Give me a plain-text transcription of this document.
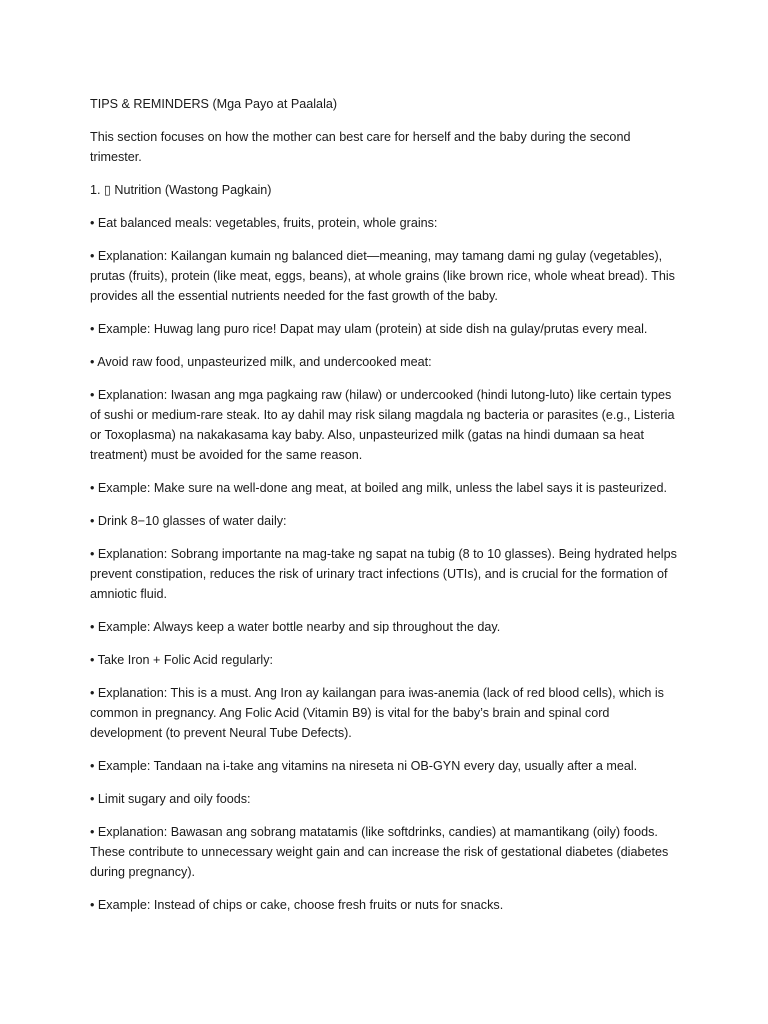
TIPS & REMINDERS (Mga Payo at Paalala)

This section focuses on how the mother can best care for herself and the baby during the second trimester.

1. ▯ Nutrition (Wastong Pagkain)

• Eat balanced meals: vegetables, fruits, protein, whole grains:

• Explanation: Kailangan kumain ng balanced diet—meaning, may tamang dami ng gulay (vegetables), prutas (fruits), protein (like meat, eggs, beans), at whole grains (like brown rice, whole wheat bread). This provides all the essential nutrients needed for the fast growth of the baby.

• Example: Huwag lang puro rice! Dapat may ulam (protein) at side dish na gulay/prutas every meal.

• Avoid raw food, unpasteurized milk, and undercooked meat:

• Explanation: Iwasan ang mga pagkaing raw (hilaw) or undercooked (hindi lutong-luto) like certain types of sushi or medium-rare steak. Ito ay dahil may risk silang magdala ng bacteria or parasites (e.g., Listeria or Toxoplasma) na nakakasama kay baby. Also, unpasteurized milk (gatas na hindi dumaan sa heat treatment) must be avoided for the same reason.

• Example: Make sure na well-done ang meat, at boiled ang milk, unless the label says it is pasteurized.

• Drink 8−10 glasses of water daily:

• Explanation: Sobrang importante na mag-take ng sapat na tubig (8 to 10 glasses). Being hydrated helps prevent constipation, reduces the risk of urinary tract infections (UTIs), and is crucial for the formation of amniotic fluid.

• Example: Always keep a water bottle nearby and sip throughout the day.

• Take Iron + Folic Acid regularly:

• Explanation: This is a must. Ang Iron ay kailangan para iwas-anemia (lack of red blood cells), which is common in pregnancy. Ang Folic Acid (Vitamin B9) is vital for the baby’s brain and spinal cord development (to prevent Neural Tube Defects).

• Example: Tandaan na i-take ang vitamins na nireseta ni OB-GYN every day, usually after a meal.

• Limit sugary and oily foods:

• Explanation: Bawasan ang sobrang matatamis (like softdrinks, candies) at mamantikang (oily) foods. These contribute to unnecessary weight gain and can increase the risk of gestational diabetes (diabetes during pregnancy).

• Example: Instead of chips or cake, choose fresh fruits or nuts for snacks.
